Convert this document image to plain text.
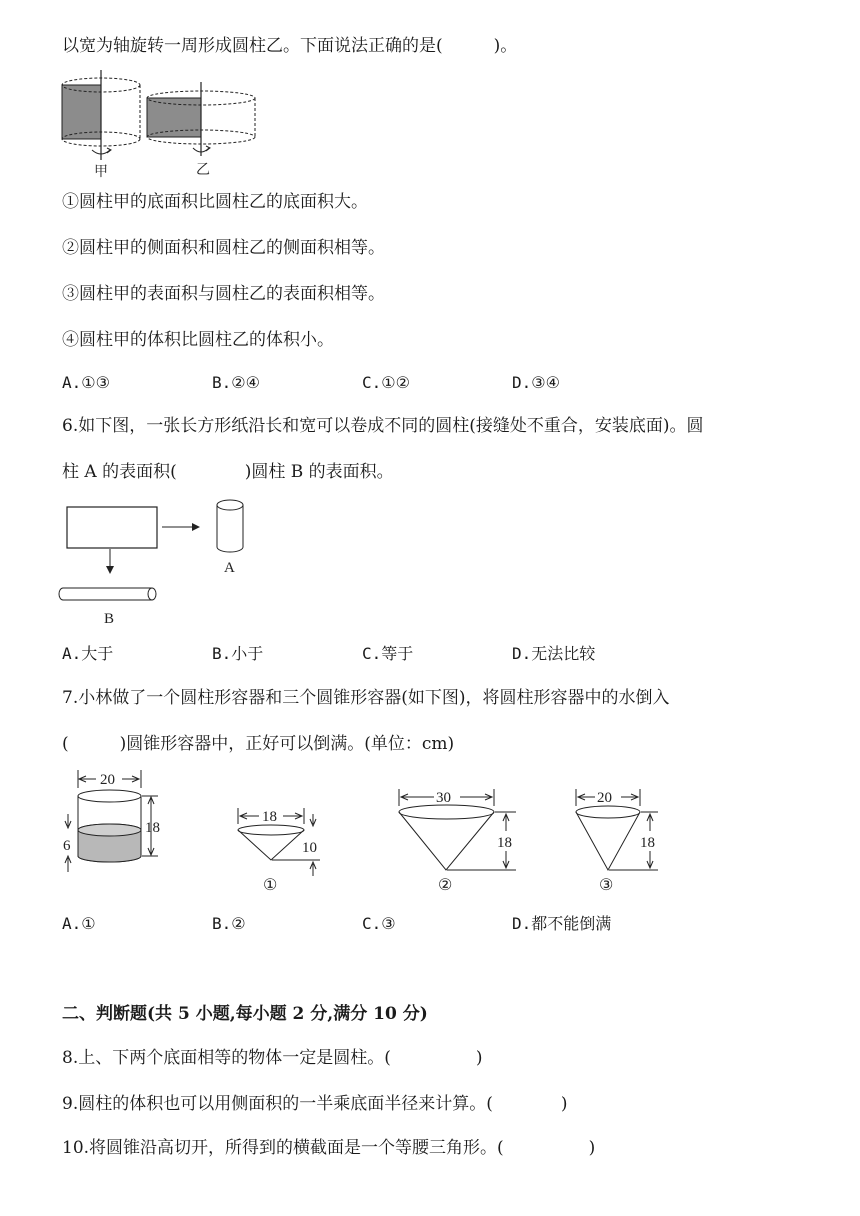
以宽为轴旋转一周形成圆柱乙。下面说法正确的是(　　　)。
甲	乙
①圆柱甲的底面积比圆柱乙的底面积大。
②圆柱甲的侧面积和圆柱乙的侧面积相等。
③圆柱甲的表面积与圆柱乙的表面积相等。
④圆柱甲的体积比圆柱乙的体积小。
A.①③	B.②④	C.①②	D.③④
6.如下图，一张长方形纸沿长和宽可以卷成不同的圆柱(接缝处不重合，安装底面)。圆
柱 A 的表面积(　　　　)圆柱 B 的表面积。
A
B
A.大于	B.小于	C.等于	D.无法比较
7.小林做了一个圆柱形容器和三个圆锥形容器(如下图)，将圆柱形容器中的水倒入
(　　　)圆锥形容器中，正好可以倒满。(单位：cm)
20
18
6
18
10
①
30
18
②
20
18
③
A.①	B.②	C.③	D.都不能倒满
二、判断题(共 5 小题,每小题 2 分,满分 10 分)
8.上、下两个底面相等的物体一定是圆柱。(　　　　　)
9.圆柱的体积也可以用侧面积的一半乘底面半径来计算。(　　　　)
10.将圆锥沿高切开，所得到的横截面是一个等腰三角形。(　　　　　)
